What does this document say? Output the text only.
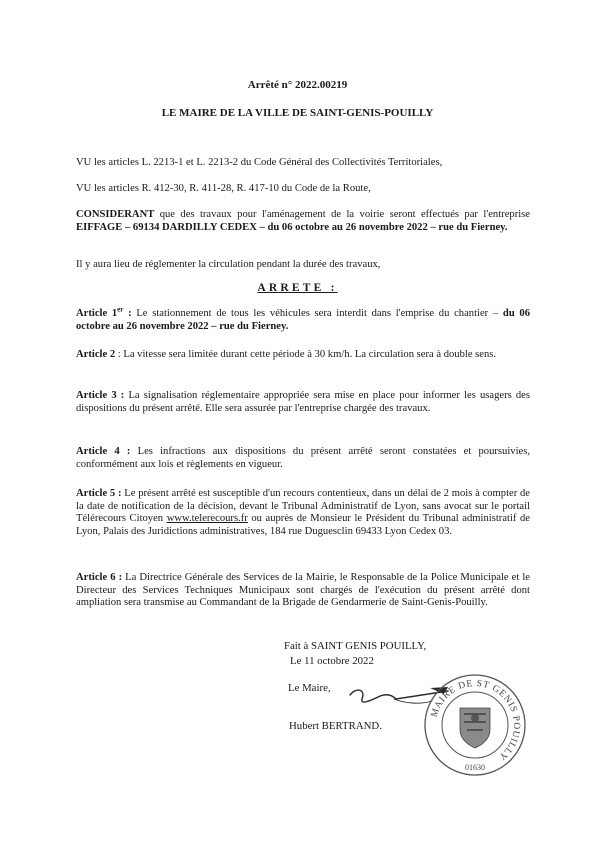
Arrêté n° 2022.00219
LE MAIRE DE LA VILLE DE SAINT-GENIS-POUILLY
VU les articles L. 2213-1 et L. 2213-2 du Code Général des Collectivités Territoriales,
VU les articles R. 412-30, R. 411-28, R. 417-10 du Code de la Route,
CONSIDERANT que des travaux pour l'aménagement de la voirie seront effectués par l'entreprise EIFFAGE – 69134 DARDILLY CEDEX – du 06 octobre au 26 novembre 2022 – rue du Fierney.
Il y aura lieu de réglementer la circulation pendant la durée des travaux,
ARRETE :
Article 1er : Le stationnement de tous les véhicules sera interdit dans l'emprise du chantier – du 06 octobre au 26 novembre 2022 – rue du Fierney.
Article 2 : La vitesse sera limitée durant cette période à 30 km/h. La circulation sera à double sens.
Article 3 : La signalisation réglementaire appropriée sera mise en place pour informer les usagers des dispositions du présent arrêté. Elle sera assurée par l'entreprise chargée des travaux.
Article 4 : Les infractions aux dispositions du présent arrêté seront constatées et poursuivies, conformément aux lois et règlements en vigueur.
Article 5 : Le présent arrêté est susceptible d'un recours contentieux, dans un délai de 2 mois à compter de la date de notification de la décision, devant le Tribunal Administratif de Lyon, sans avocat sur le portail Télérecours Citoyen www.telerecours.fr ou auprès de Monsieur le Président du Tribunal administratif de Lyon, Palais des Juridictions administratives, 184 rue Duguesclin 69433 Lyon Cedex 03.
Article 6 : La Directrice Générale des Services de la Mairie, le Responsable de la Police Municipale et le Directeur des Services Techniques Municipaux sont chargés de l'exécution du présent arrêté dont ampliation sera transmise au Commandant de la Brigade de Gendarmerie de Saint-Genis-Pouilly.
Fait à SAINT GENIS POUILLY,
Le 11 octobre 2022
Le Maire,
Hubert BERTRAND.
MAIRE DE ST GENIS POUILLY
01630
